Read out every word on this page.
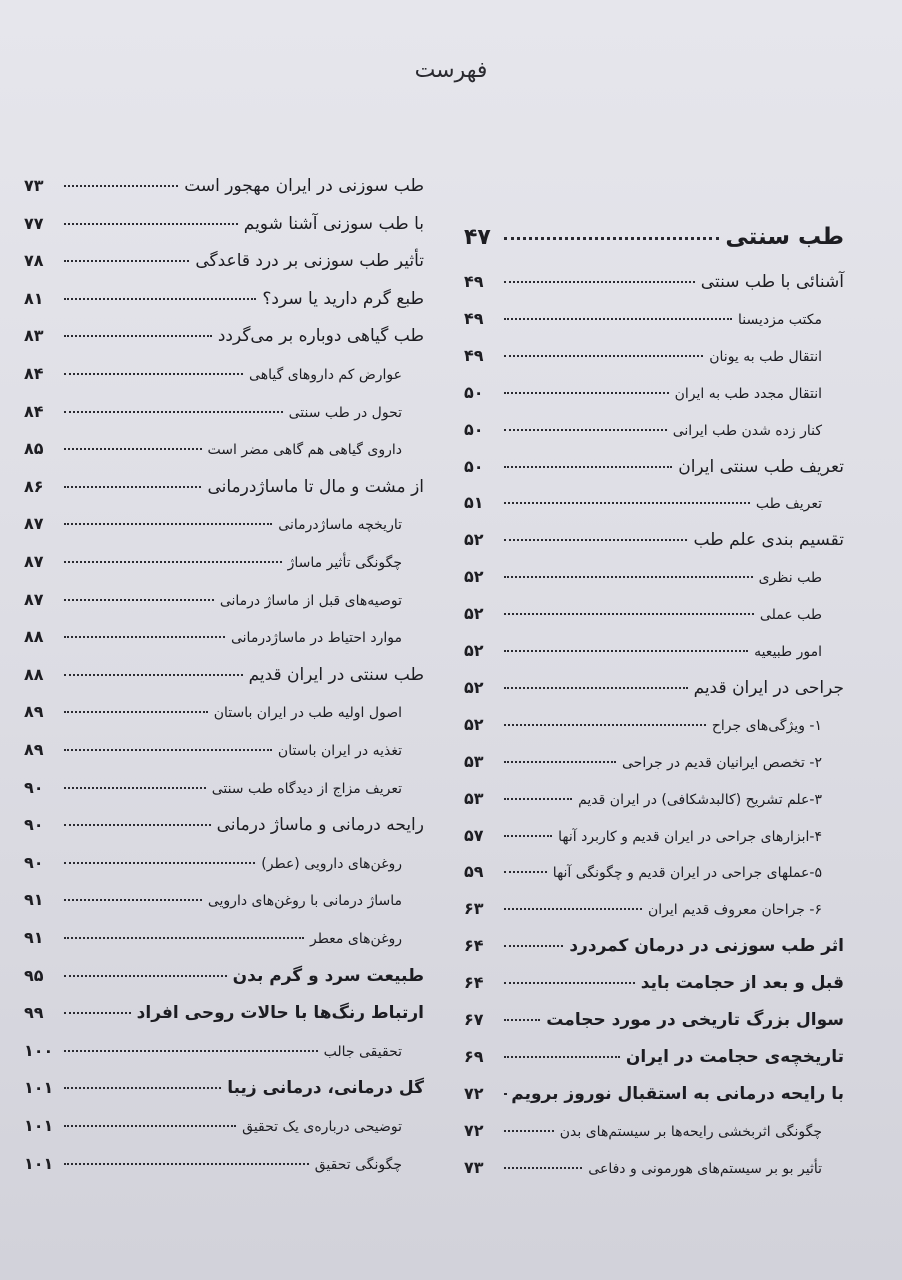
فهرست
طب سنتی
۴۷
آشنائی با طب سنتی
۴۹
مکتب مزدیسنا
۴۹
انتقال طب به یونان
۴۹
انتقال مجدد طب به ایران
۵۰
کنار زده شدن طب ایرانی
۵۰
تعریف طب سنتی ایران
۵۰
تعریف طب
۵۱
تقسیم بندی علم طب
۵۲
طب نظری
۵۲
طب عملی
۵۲
امور طبیعیه
۵۲
جراحی در ایران قدیم
۵۲
۱- ویژگی‌های جراح
۵۲
۲- تخصص ایرانیان قدیم در جراحی
۵۳
۳-علم تشریح (کالبدشکافی) در ایران قدیم
۵۳
۴-ابزارهای جراحی در ایران قدیم و کاربرد آنها
۵۷
۵-عملهای جراحی در ایران قدیم و چگونگی آنها
۵۹
۶- جراحان معروف قدیم ایران
۶۳
اثر طب سوزنی در درمان کمردرد
۶۴
قبل و بعد از حجامت باید
۶۴
سوال بزرگ تاریخی در مورد حجامت
۶۷
تاریخچه‌ی حجامت در ایران
۶۹
با رایحه درمانی به استقبال نوروز برویم
۷۲
چگونگی اثربخشی رایحه‌ها بر سیستم‌های بدن
۷۲
تأثیر بو بر سیستم‌های هورمونی و دفاعی
۷۳
طب سوزنی در ایران مهجور است
۷۳
با طب سوزنی آشنا شویم
۷۷
تأثیر طب سوزنی بر درد قاعدگی
۷۸
طبع گرم دارید یا سرد؟
۸۱
طب گیاهی دوباره بر می‌گردد
۸۳
عوارض کم داروهای گیاهی
۸۴
تحول در طب سنتی
۸۴
داروی گیاهی هم گاهی مضر است
۸۵
از مشت و مال تا ماساژدرمانی
۸۶
تاریخچه ماساژدرمانی
۸۷
چگونگی تأثیر ماساژ
۸۷
توصیه‌های قبل از ماساژ درمانی
۸۷
موارد احتیاط در ماساژدرمانی
۸۸
طب سنتی در ایران قدیم
۸۸
اصول اولیه طب در ایران باستان
۸۹
تغذیه در ایران باستان
۸۹
تعریف مزاج از دیدگاه طب سنتی
۹۰
رایحه درمانی و ماساژ درمانی
۹۰
روغن‌های دارویی (عطر)
۹۰
ماساژ درمانی با روغن‌های دارویی
۹۱
روغن‌های معطر
۹۱
طبیعت سرد و گرم بدن
۹۵
ارتباط رنگ‌ها با حالات روحی افراد
۹۹
تحقیقی جالب
۱۰۰
گل درمانی، درمانی زیبا
۱۰۱
توضیحی درباره‌ی یک تحقیق
۱۰۱
چگونگی تحقیق
۱۰۱
